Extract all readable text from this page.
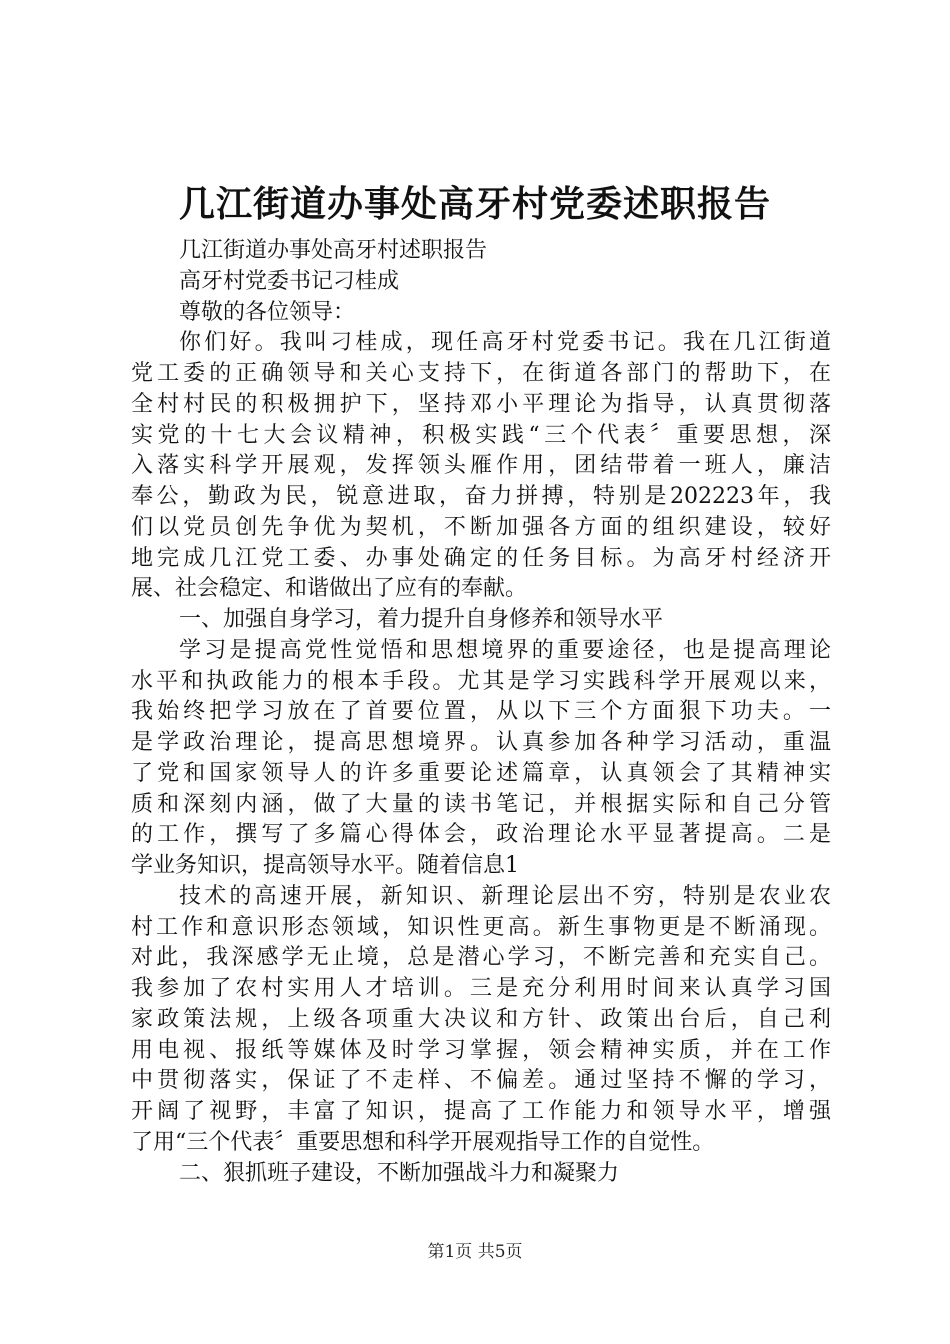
几江街道办事处高牙村党委述职报告
几江街道办事处高牙村述职报告
高牙村党委书记刁桂成
尊敬的各位领导：
你们好。我叫刁桂成，现任高牙村党委书记。我在几江街道
党工委的正确领导和关心支持下，在街道各部门的帮助下，在
全村村民的积极拥护下，坚持邓小平理论为指导，认真贯彻落
实党的十七大会议精神，积极实践“三个代表〞重要思想，深
入落实科学开展观，发挥领头雁作用，团结带着一班人，廉洁
奉公，勤政为民，锐意进取，奋力拼搏，特别是202223年，我
们以党员创先争优为契机，不断加强各方面的组织建设，较好
地完成几江党工委、办事处确定的任务目标。为高牙村经济开
展、社会稳定、和谐做出了应有的奉献。
一、加强自身学习，着力提升自身修养和领导水平
学习是提高党性觉悟和思想境界的重要途径，也是提高理论
水平和执政能力的根本手段。尤其是学习实践科学开展观以来，
我始终把学习放在了首要位置，从以下三个方面狠下功夫。一
是学政治理论，提高思想境界。认真参加各种学习活动，重温
了党和国家领导人的许多重要论述篇章，认真领会了其精神实
质和深刻内涵，做了大量的读书笔记，并根据实际和自己分管
的工作，撰写了多篇心得体会，政治理论水平显著提高。二是
学业务知识，提高领导水平。随着信息1
技术的高速开展，新知识、新理论层出不穷，特别是农业农
村工作和意识形态领域，知识性更高。新生事物更是不断涌现。
对此，我深感学无止境，总是潜心学习，不断完善和充实自己。
我参加了农村实用人才培训。三是充分利用时间来认真学习国
家政策法规，上级各项重大决议和方针、政策出台后，自己利
用电视、报纸等媒体及时学习掌握，领会精神实质，并在工作
中贯彻落实，保证了不走样、不偏差。通过坚持不懈的学习，
开阔了视野，丰富了知识，提高了工作能力和领导水平，增强
了用“三个代表〞重要思想和科学开展观指导工作的自觉性。
二、狠抓班子建设，不断加强战斗力和凝聚力
第1页 共5页
